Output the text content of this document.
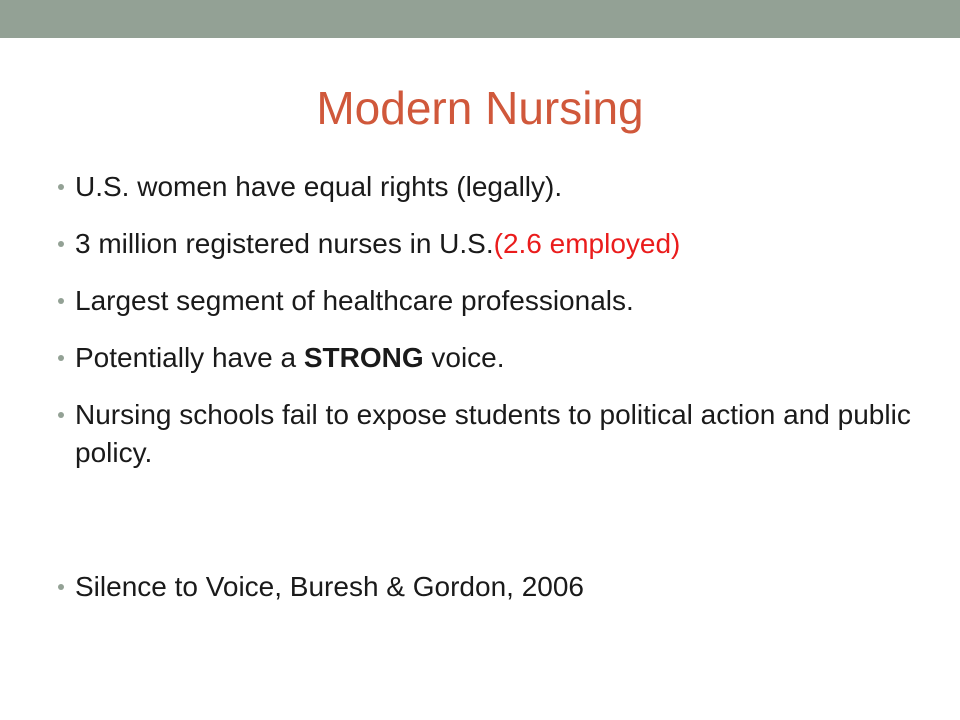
Modern Nursing
U.S. women have equal rights (legally).
3 million registered nurses in U.S.(2.6 employed)
Largest segment of healthcare professionals.
Potentially have a STRONG voice.
Nursing schools fail to expose students to political action and public policy.
Silence to Voice, Buresh & Gordon, 2006
